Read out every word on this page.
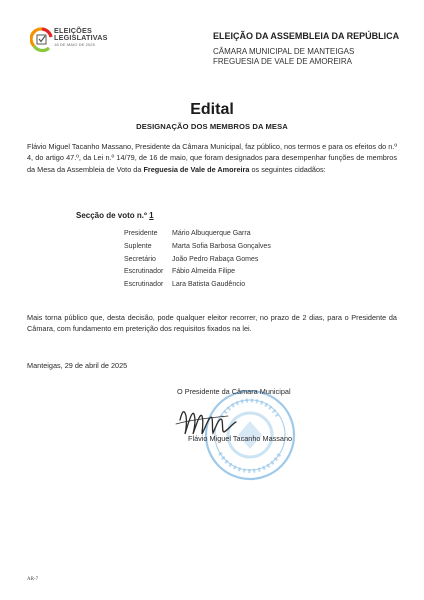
ELEIÇÕES
LEGISLATIVAS
18 DE MAIO DE 2025
ELEIÇÃO DA ASSEMBLEIA DA REPÚBLICA
CÂMARA MUNICIPAL DE MANTEIGAS
FREGUESIA DE VALE DE AMOREIRA
Edital
DESIGNAÇÃO DOS MEMBROS DA MESA
Flávio Miguel Tacanho Massano, Presidente da Câmara Municipal, faz público, nos termos e para os efeitos do n.º 4, do artigo 47.º, da Lei n.º 14/79, de 16 de maio, que foram designados para desempenhar funções de membros da Mesa da Assembleia de Voto da Freguesia de Vale de Amoreira os seguintes cidadãos:
Secção de voto n.º 1
Presidente	Mário Albuquerque Garra
Suplente	Marta Sofia Barbosa Gonçalves
Secretário	João Pedro Rabaça Gomes
Escrutinador	Fábio Almeida Filipe
Escrutinador	Lara Batista Gaudêncio
Mais torna público que, desta decisão, pode qualquer eleitor recorrer, no prazo de 2 dias, para o Presidente da Câmara, com fundamento em preterição dos requisitos fixados na lei.
Manteigas, 29 de abril de 2025
O Presidente da Câmara Municipal
Flávio Miguel Tacanho Massano
AR-7
